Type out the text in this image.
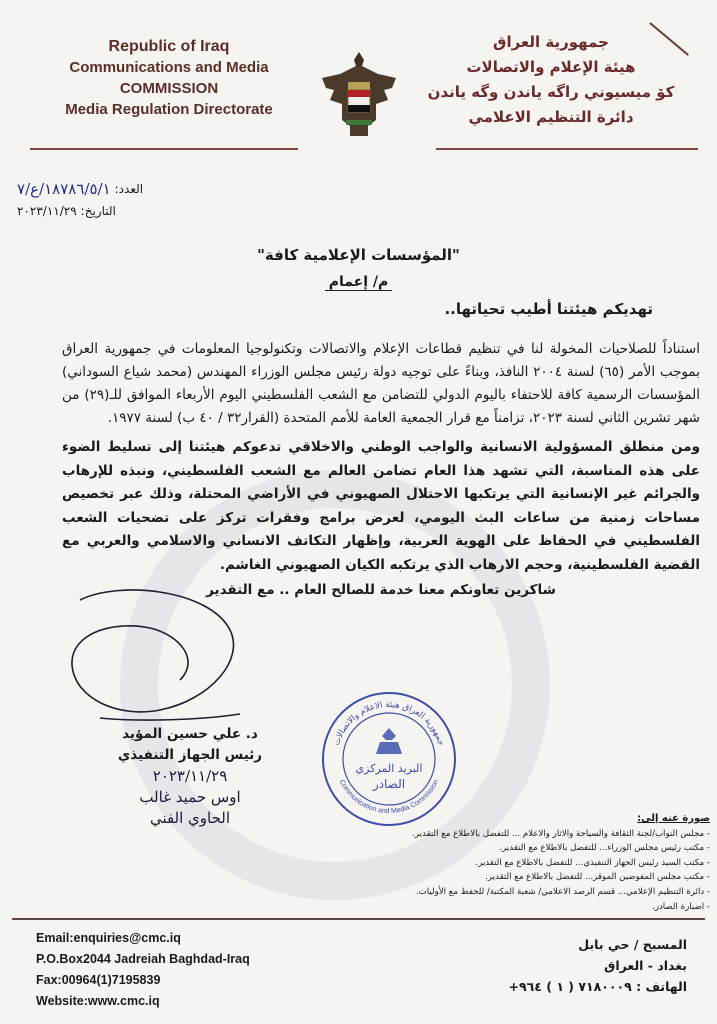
Republic of Iraq
Communications and Media
COMMISSION
Media Regulation Directorate
جمهورية العراق
هيئة الإعلام والاتصالات
كۆ ميسيوني راگه ياندن وگه ياندن
دائرة التنظيم الاعلامي
العدد:
١٨٧٨٦/٥/١/ع/٧
التاريخ:
٢٠٢٣/١١/٢٩
"المؤسسات الإعلامية كافة"
م/ إعمام
تهديكم هيئتنا أطيب تحياتها..

استناداً للصلاحيات المخولة لنا في تنظيم قطاعات الإعلام والاتصالات وتكنولوجيا المعلومات في جمهورية العراق بموجب الأمر (٦٥) لسنة ٢٠٠٤ النافذ، وبناءً على توجيه دولة رئيس مجلس الوزراء المهندس (محمد شياع السوداني) المؤسسات الرسمية كافة للاحتفاء باليوم الدولي للتضامن مع الشعب الفلسطيني اليوم الأربعاء الموافق للـ(٢٩) من شهر تشرين الثاني لسنة ٢٠٢٣، تزامناً مع قرار الجمعية العامة للأمم المتحدة (القرار٣٢ / ٤٠ ب) لسنة ١٩٧٧.

ومن منطلق المسؤولية الانسانية والواجب الوطني والاخلاقي تدعوكم هيئتنا إلى تسليط الضوء على هذه المناسبة، التي تشهد هذا العام تضامن العالم مع الشعب الفلسطيني، ونبذه للإرهاب والجرائم غير الإنسانية التي يرتكبها الاحتلال الصهيوني في الأراضي المحتلة، وذلك عبر تخصيص مساحات زمنية من ساعات البث اليومي، لعرض برامج وفقرات تركز على تضحيات الشعب الفلسطيني في الحفاظ على الهوية العربية، وإظهار التكاتف الانساني والاسلامي والعربي مع القضية الفلسطينية، وحجم الارهاب الذي يرتكبه الكيان الصهيوني الغاشم.

شاكرين تعاونكم معنا خدمة للصالح العام .. مع التقدير

د. علي حسين المؤيد
رئيس الجهاز التنفيذي
٢٠٢٣/١١/٢٩
اوس حميد غالب
الحاوي الفني
جمهورية العراق هيئة الاعلام والاتصالات
Communication and Media Commission
البريد المركزي
الصادر
صورة عنه إلى:
- مجلس النواب/لجنة الثقافة والسياحة والاثار والاعلام ... للتفضل بالاطلاع مع التقدير.
- مكتب رئيس مجلس الوزراء... للتفضل بالاطلاع مع التقدير.
- مكتب السيد رئيس الجهاز التنفيذي... للتفضل بالاطلاع مع التقدير.
- مكتب مجلس المفوضين الموقر... للتفضل بالاطلاع مع التقدير.
- دائرة التنظيم الإعلامي... قسم الرصد الاعلامي/ شعبة المكتبة/ للحفظ مع الأوليات.
- اضبارة الصادر.
Email:enquiries@cmc.iq
P.O.Box2044 Jadreiah Baghdad-Iraq
Fax:00964(1)7195839
Website:www.cmc.iq
المسبح / حي بابل
بغداد - العراق
الهاتف : ٧١٨٠٠٠٩ ( ١ ) ٩٦٤+
